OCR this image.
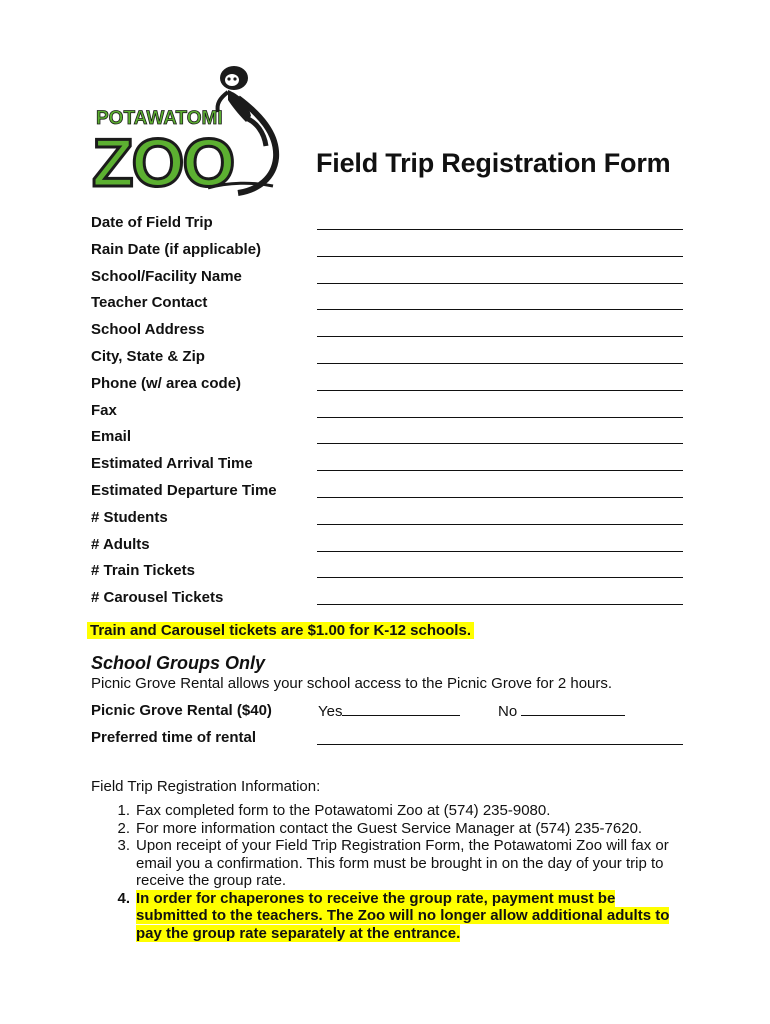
POTAWATOMI
ZOO	Field Trip Registration Form
Date of Field Trip
Rain Date (if applicable)
School/Facility Name
Teacher Contact
School Address
City, State & Zip
Phone (w/ area code)
Fax
Email
Estimated Arrival Time
Estimated Departure Time
# Students
# Adults
# Train Tickets
# Carousel Tickets
Train and Carousel tickets are $1.00 for K-12 schools.
School Groups Only
Picnic Grove Rental allows your school access to the Picnic Grove for 2 hours.
Picnic Grove Rental ($40)	Yes	No
Preferred time of rental
Field Trip Registration Information:
1. Fax completed form to the Potawatomi Zoo at (574) 235-9080.
2. For more information contact the Guest Service Manager at (574) 235-7620.
3. Upon receipt of your Field Trip Registration Form, the Potawatomi Zoo will fax or email you a confirmation. This form must be brought in on the day of your trip to receive the group rate.
4. In order for chaperones to receive the group rate, payment must be submitted to the teachers. The Zoo will no longer allow additional adults to pay the group rate separately at the entrance.
